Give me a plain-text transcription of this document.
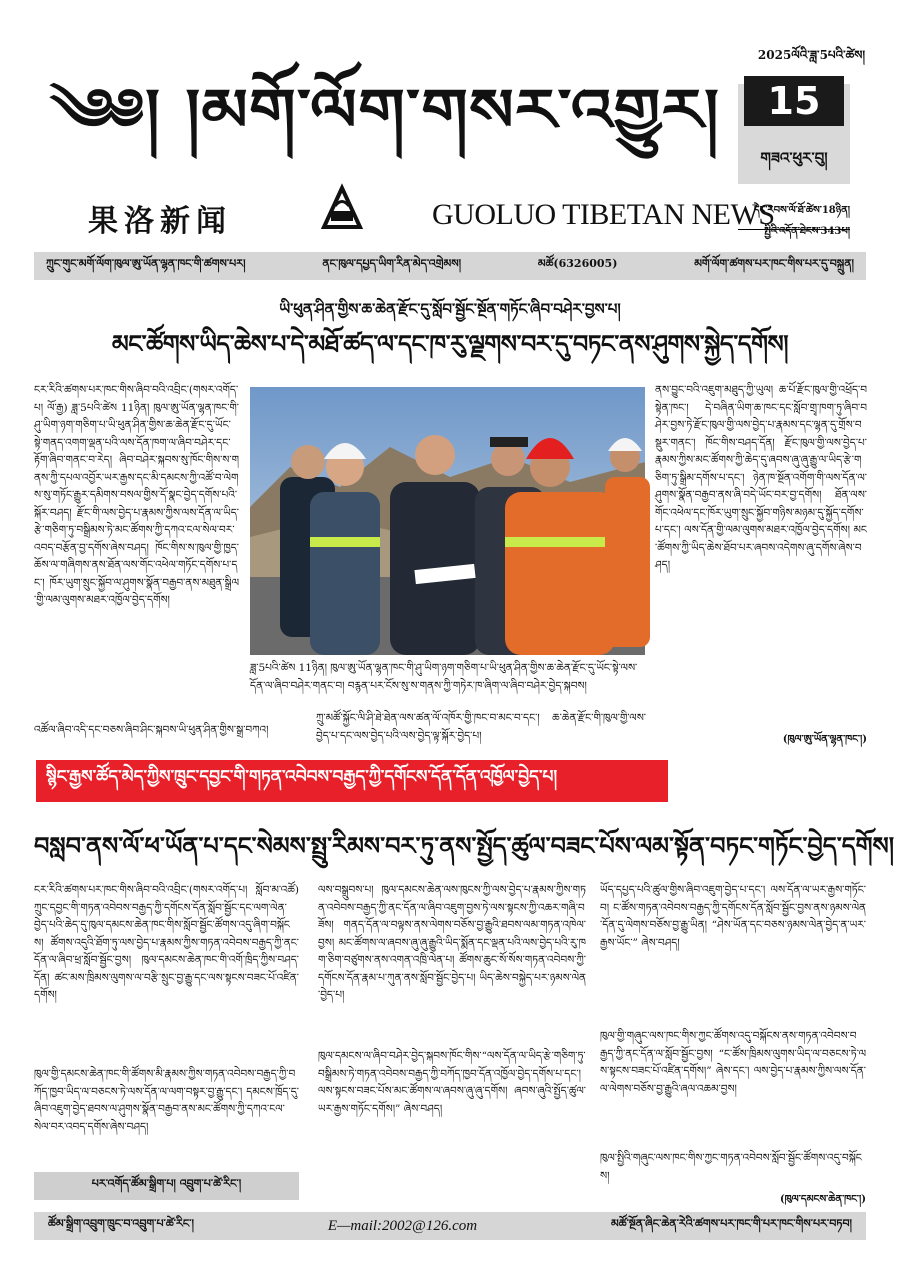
༄༅། །མགོ་ལོག་གསར་འགྱུར།
2025ལོའི་ཟླ་5པའི་ཚེས།
15
གཟའ་ཕུར་བུ།
果洛新闻	GUOLUO TIBETAN NEWS
དེང་རབས་ལོ་ཐོ་ཚེས་18ཉིན།
སྤྱིའི་འདོན་ཐེངས་343པ།
ཀྲུང་གུང་མགོ་ལོག་ཁུལ་ཨུ་ཡོན་ལྷན་ཁང་གི་ཚགས་པར།	ནང་ཁུལ་དཔྱད་ཡིག་རིན་མེད་འགྲེམས།	མཚོ(6326005)	མགོ་ལོག་ཚགས་པར་ཁང་གིས་པར་དུ་བསྐྲུན།
ཡི་ཕུན་ཤིན་གྱིས་ཆ་ཆེན་རྫོང་དུ་སློབ་སྦྱོང་སྔོན་གཏོང་ཞིབ་བཤེར་བྱས་པ།
མང་ཚོགས་ཡིད་ཆེས་པ་དེ་མཐོ་ཚད་ལ་དང་ཁ་རུ་ལྗགས་བར་དུ་བཏང་ནས་ཤུགས་སྐྱེད་དགོས།
ངར་རིའི་ཚགས་པར་ཁང་གིས་ཞིབ་བའི་འབྲིང་(གསར་འགོད་པ། ལོ་རྒྱ) ཟླ་5པའི་ཚེས 11ཉིན། ཁུལ་ཨུ་ཡོན་ལྷན་ཁང་གི་ཤུ་ཡིག་ཉག་གཅིག་པ་ཡི་ཕུན་ཤིན་གྱིས་ཆ་ཆེན་རྫོང་དུ་ཡོང་སྟེ་གནད་འགག་ལྡན་པའི་ལས་དོན་ཁག་ལ་ཞིབ་བཤེར་དང་རྟོག་ཞིབ་གནང་བ་རེད། ཞིབ་བཤེར་སྐབས་སུ་ཁོང་གིས་ས་གནས་ཀྱི་དཔལ་འབྱོར་ཡར་རྒྱས་དང་མི་དམངས་ཀྱི་འཚོ་བ་ལེགས་སུ་གཏོང་རྒྱུར་དམིགས་བསལ་གྱིས་དོ་སྣང་བྱེད་དགོས་པའི་སྐོར་བཤད། རྫོང་གི་ལས་བྱེད་པ་རྣམས་ཀྱིས་ལས་དོན་ལ་ཡིད་རྩེ་གཅིག་ཏུ་བསྒྲིམས་ཏེ་མང་ཚོགས་ཀྱི་དཀའ་ངལ་སེལ་བར་འབད་བརྩོན་བྱ་དགོས་ཞེས་བཤད། ཁོང་གིས་ས་ཁུལ་གྱི་ཁྱད་ཆོས་ལ་གཞིགས་ནས་ཐོན་ལས་གོང་འཕེལ་གཏོང་དགོས་པ་དང་། ཁོར་ཡུག་སྲུང་སྐྱོབ་ལ་ཤུགས་སྣོན་བརྒྱབ་ནས་མཐུན་སྒྲིལ་གྱི་ལམ་ལུགས་མཐར་འཁྱོལ་བྱེད་དགོས།
འཚོལ་ཞིབ་འདི་དང་བཅས་ཞིབ་ཤིང་སྐབས་ཡི་ཕུན་ཤིན་གྱིས་སྒྲ་བཀའ།
ཟླ་5པའི་ཚེས 11ཉིན། ཁུལ་ཨུ་ཡོན་ལྷན་ཁང་གི་ཤུ་ཡིག་ཉག་གཅིག་པ་ཡི་ཕུན་ཤིན་གྱིས་ཆ་ཆེན་རྫོང་དུ་ཡོང་སྟེ་ལས་དོན་ལ་ཞིབ་བཤེར་གནང་བ། བརྙན་པར་ངོས་སུ་ས་གནས་ཀྱི་གཏེར་ཁ་ཞིག་ལ་ཞིབ་བཤེར་བྱེད་སྐབས།
ཀྲུ་མཚོ་སྐྱོང་ལི་ཤི་ཐེ་ཐེན་ལས་ཚན་ལོ་འཁོར་གྱི་ཁང་བ་མང་བ་དང་། ཆ་ཆེན་རྫོང་གི་ཁུལ་གྱི་ལས་བྱེད་པ་དང་ལས་བྱེད་པའི་ལས་བྱེད་ལྟ་སྐོར་བྱེད་པ།
ནས་བྱུང་བའི་འཇུག་མཐུད་ཀྱི་ཡུལ། ཆ་པོ་རྫོང་ཁུལ་གྱི་འཕྲོད་བསྟེན་ཁང་། དེ་བཞིན་ཡིག་ཆ་ཁང་དང་སློབ་གྲྭ་ཁག་ཏུ་ཞིབ་བཤེར་བྱས་ཏེ་རྫོང་ཁུལ་གྱི་ལས་བྱེད་པ་རྣམས་དང་ལྷན་དུ་གྲོས་བསྡུར་གནང་། ཁོང་གིས་བཤད་དོན། རྫོང་ཁུལ་གྱི་ལས་བྱེད་པ་རྣམས་ཀྱིས་མང་ཚོགས་ཀྱི་ཆེད་དུ་ཞབས་ཞུ་ཞུ་རྒྱུ་ལ་ཡིད་རྩེ་གཅིག་ཏུ་སྒྲིམ་དགོས་པ་དང་། ཉེན་ཁ་སྔོན་འགོག་གི་ལས་དོན་ལ་ཤུགས་སྣོན་བརྒྱབ་ནས་ཞི་བདེ་ཡོང་བར་བྱ་དགོས། ཐོན་ལས་གོང་འཕེལ་དང་ཁོར་ཡུག་སྲུང་སྐྱོབ་གཉིས་མཉམ་དུ་སྐྱོད་དགོས་པ་དང་། ལས་དོན་གྱི་ལམ་ལུགས་མཐར་འཁྱོལ་བྱེད་དགོས། མང་ཚོགས་ཀྱི་ཡིད་ཆེས་ཐོབ་པར་ཞབས་འདེགས་ཞུ་དགོས་ཞེས་བཤད།
(ཁུལ་ཨུ་ཡོན་ལྷན་ཁང་།)
སྙིང་རྒྱས་ཚོད་མེད་ཀྱིས་ཁྲུང་དབྱང་གི་གཏན་འབེབས་བརྒྱད་ཀྱི་དགོངས་དོན་དོན་འཁྱོལ་བྱེད་པ།
བསླབ་ནས་ལོ་ཕ་ཡོན་པ་དང་སེམས་སྤྲུ་རིམས་བར་ཏུ་ནས་སྤྱོད་ཚུལ་བཟང་པོས་ལམ་སྟོན་བཏང་གཏོང་བྱེད་དགོས།
ངར་རིའི་ཚགས་པར་ཁང་གིས་ཞིབ་བའི་འབྲིང་(གསར་འགོད་པ། སློབ་མ་འཚོ) ཀྲུང་དབྱང་གི་གཏན་འབེབས་བརྒྱད་ཀྱི་དགོངས་དོན་སློབ་སྦྱོང་དང་ལག་ལེན་བྱེད་པའི་ཆེད་དུ་ཁུལ་དམངས་ཆེན་ཁང་གིས་སློབ་སྦྱོང་ཚོགས་འདུ་ཞིག་བསྐོངས། ཚོགས་འདུའི་ཐོག་ཏུ་ལས་བྱེད་པ་རྣམས་ཀྱིས་གཏན་འབེབས་བརྒྱད་ཀྱི་ནང་དོན་ལ་ཞིབ་ཕྲ་སློབ་སྦྱོང་བྱས། ཁུལ་དམངས་ཆེན་ཁང་གི་འགོ་ཁྲིད་ཀྱིས་བཤད་དོན། ཚང་མས་ཁྲིམས་ལུགས་ལ་བརྩི་སྲུང་བྱ་རྒྱུ་དང་ལས་སྟངས་བཟང་པོ་འཛིན་དགོས།
ཁུལ་གྱི་དམངས་ཆེན་ཁང་གི་ཚོགས་མི་རྣམས་ཀྱིས་གཏན་འབེབས་བརྒྱད་ཀྱི་བཀོད་ཁྱབ་ཡིད་ལ་བཅངས་ཏེ་ལས་དོན་ལ་ལག་བསྟར་བྱ་རྒྱུ་དང་། དམངས་ཁྲོད་དུ་ཞིབ་འཇུག་བྱེད་ཐབས་ལ་ཤུགས་སྣོན་བརྒྱབ་ནས་མང་ཚོགས་ཀྱི་དཀའ་ངལ་སེལ་བར་འབད་དགོས་ཞེས་བཤད།
པར་འགོད་ཚོམ་སྒྲིག་པ། འབྲུག་པ་ཚེ་རིང་།
ལས་བསྒྲུབས་པ། ཁུལ་དམངས་ཆེན་ལས་ཁུངས་ཀྱི་ལས་བྱེད་པ་རྣམས་ཀྱིས་གཏན་འབེབས་བརྒྱད་ཀྱི་ནང་དོན་ལ་ཞིབ་འཇུག་བྱས་ཏེ་ལས་སྟངས་ཀྱི་འཆར་གཞི་བཟོས། གནད་དོན་ལ་བལྟས་ནས་ལེགས་བཅོས་བྱ་རྒྱུའི་ཐབས་ལམ་གཏན་འཁེལ་བྱས། མང་ཚོགས་ལ་ཞབས་ཞུ་ཞུ་རྒྱུའི་ཡིད་སྨོན་དང་ལྡན་པའི་ལས་བྱེད་པའི་རུ་ཁག་ཅིག་བཙུགས་ནས་འགན་འཁྲི་ལེན་པ། ཚོགས་ཆུང་སོ་སོས་གཏན་འབེབས་ཀྱི་དགོངས་དོན་རྣམ་པ་ཀུན་ནས་སློབ་སྦྱོང་བྱེད་པ། ཡིད་ཆེས་བསྐྱེད་པར་ཉམས་ལེན་བྱེད་པ།
ཁུལ་དམངས་ལ་ཞིབ་བཤེར་བྱེད་སྐབས་ཁོང་གིས་“ལས་དོན་ལ་ཡིད་རྩེ་གཅིག་ཏུ་བསྒྲིམས་ཏེ་གཏན་འབེབས་བརྒྱད་ཀྱི་བཀོད་ཁྱབ་དོན་འཁྱོལ་བྱེད་དགོས་པ་དང་། ལས་སྟངས་བཟང་པོས་མང་ཚོགས་ལ་ཞབས་ཞུ་ཞུ་དགོས། ཞབས་ཞུའི་སྤྱོད་ཚུལ་ཡར་རྒྱས་གཏོང་དགོས།” ཞེས་བཤད།
ཡོད་དཔྱད་པའི་ཚུལ་གྱིས་ཞིབ་འཇུག་བྱེད་པ་དང་། ལས་དོན་ལ་ཡར་རྒྱས་གཏོང་བ། ང་ཚོས་གཏན་འབེབས་བརྒྱད་ཀྱི་དགོངས་དོན་སློབ་སྦྱོང་བྱས་ནས་ཉམས་ལེན་དོན་དུ་ལེགས་བཅོས་བྱ་རྒྱུ་ཡིན། “ཤེས་ཡོན་དང་བཅས་ཉམས་ལེན་བྱེད་ན་ཡར་རྒྱས་ཡོང་” ཞེས་བཤད།
ཁུལ་གྱི་གཞུང་ལས་ཁང་གིས་ཀྱང་ཚོགས་འདུ་བསྐོངས་ནས་གཏན་འབེབས་བརྒྱད་ཀྱི་ནང་དོན་ལ་སློབ་སྦྱོང་བྱས། “ང་ཚོས་ཁྲིམས་ལུགས་ཡིད་ལ་བཅངས་ཏེ་ལས་སྟངས་བཟང་པོ་འཛིན་དགོས།” ཞེས་དང་། ལས་བྱེད་པ་རྣམས་ཀྱིས་ལས་དོན་ལ་ལེགས་བཅོས་བྱ་རྒྱུའི་ཞལ་འཆམ་བྱས།
ཁུལ་སྤྱིའི་གཞུང་ལས་ཁང་གིས་ཀྱང་གཏན་འབེབས་སློབ་སྦྱོང་ཚོགས་འདུ་བསྐོངས།
(ཁུལ་དམངས་ཆེན་ཁང་།)
ཚོམ་སྒྲིག་འབྲུག་ཁྲུང་བ་འབྲུག་པ་ཚེ་རིང་།	E—mail:2002@126.com	མཚོ་སྔོན་ཞིང་ཆེན་རེའི་ཚགས་པར་ཁང་གི་པར་ཁང་གིས་པར་བཏབ།
